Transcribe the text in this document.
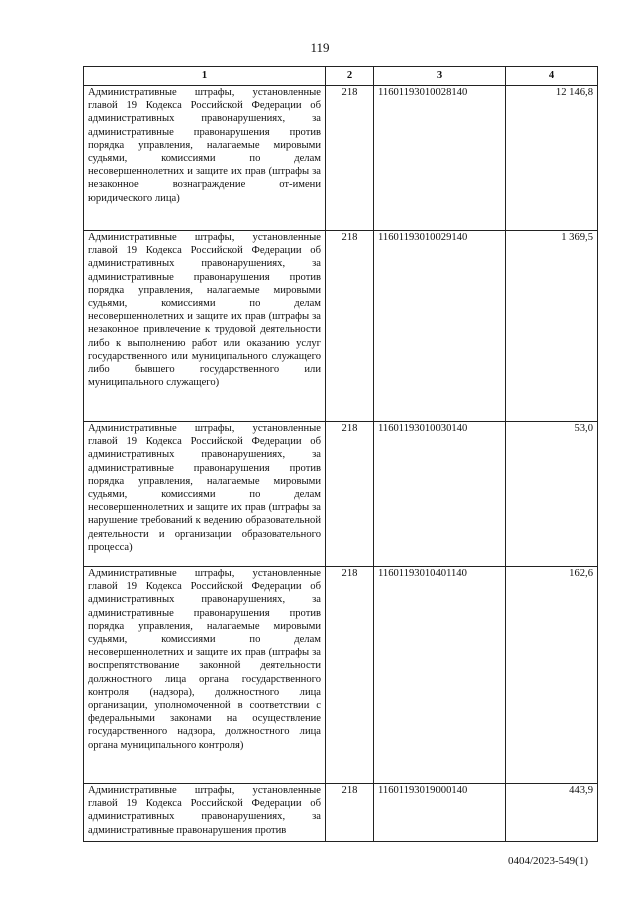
119
1	2	3	4
Административные штрафы, установленные главой 19 Кодекса Российской Федерации об административных правонарушениях, за административные правонарушения против порядка управления, налагаемые мировыми судьями, комиссиями по делам несовершеннолетних и защите их прав (штрафы за незаконное вознаграждение от-имени юридического лица)	218	11601193010028140	12 146,8
Административные штрафы, установленные главой 19 Кодекса Российской Федерации об административных правонарушениях, за административные правонарушения против порядка управления, налагаемые мировыми судьями, комиссиями по делам несовершеннолетних и защите их прав (штрафы за незаконное привлечение к трудовой деятельности либо к выполнению работ или оказанию услуг государственного или муниципального служащего либо бывшего государственного или муниципального служащего)	218	11601193010029140	1 369,5
Административные штрафы, установленные главой 19 Кодекса Российской Федерации об административных правонарушениях, за административные правонарушения против порядка управления, налагаемые мировыми судьями, комиссиями по делам несовершеннолетних и защите их прав (штрафы за нарушение требований к ведению образовательной деятельности и организации образовательного процесса)	218	11601193010030140	53,0
Административные штрафы, установленные главой 19 Кодекса Российской Федерации об административных правонарушениях, за административные правонарушения против порядка управления, налагаемые мировыми судьями, комиссиями по делам несовершеннолетних и защите их прав (штрафы за воспрепятствование законной деятельности должностного лица органа государственного контроля (надзора), должностного лица организации, уполномоченной в соответствии с федеральными законами на осуществление государственного надзора, должностного лица органа муниципального контроля)	218	11601193010401140	162,6
Административные штрафы, установленные главой 19 Кодекса Российской Федерации об административных правонарушениях, за административные правонарушения против	218	11601193019000140	443,9
0404/2023-549(1)
